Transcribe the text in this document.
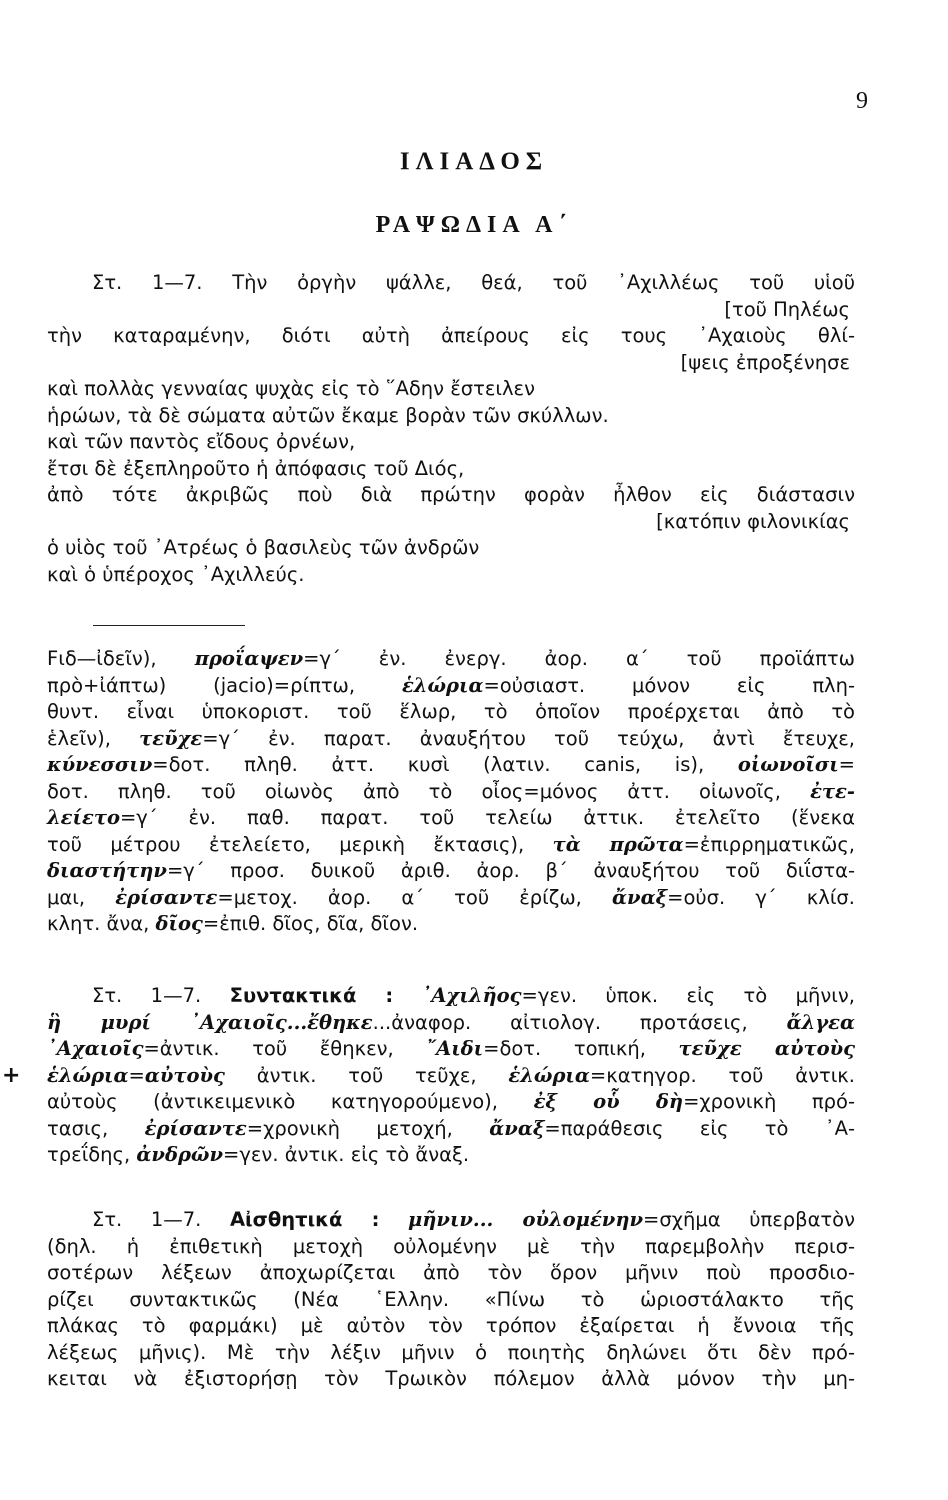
9
ΙΛΙΑΔΟΣ
ΡΑΨΩΔΙΑ Α΄
Στ. 1—7. Τὴν ὀργὴν ψάλλε, θεά, τοῦ ᾿Αχιλλέως τοῦ υἱοῦ
[τοῦ Πηλέως
τὴν καταραμένην, διότι αὐτὴ ἀπείρους εἰς τους ᾿Αχαιοὺς θλί-
[ψεις ἐπροξένησε
καὶ πολλὰς γενναίας ψυχὰς εἰς τὸ ῞Αδην ἔστειλεν
ἡρώων, τὰ δὲ σώματα αὐτῶν ἔκαμε βορὰν τῶν σκύλλων.
καὶ τῶν παντὸς εἴδους ὀρνέων,
ἔτσι δὲ ἐξεπληροῦτο ἡ ἀπόφασις τοῦ Διός,
ἀπὸ τότε ἀκριβῶς ποὺ διὰ πρώτην φορὰν ἦλθον εἰς διάστασιν
[κατόπιν φιλονικίας
ὁ υἱὸς τοῦ ᾿Ατρέως ὁ βασιλεὺς τῶν ἀνδρῶν
καὶ ὁ ὑπέροχος ᾿Αχιλλεύς.
Fιδ—ἰδεῖν), προΐαψεν=γ΄ ἐν. ἐνεργ. ἀορ. α΄ τοῦ προϊάπτω
πρὸ+ἰάπτω) (jacio)=ρίπτω, ἑλώρια=οὐσιαστ. μόνον εἰς πλη-
θυντ. εἶναι ὑποκοριστ. τοῦ ἕλωρ, τὸ ὁποῖον προέρχεται ἀπὸ τὸ
ἑλεῖν), τεῦχε=γ΄ ἐν. παρατ. ἀναυξήτου τοῦ τεύχω, ἀντὶ ἔτευχε,
κύνεσσιν=δοτ. πληθ. ἀττ. κυσὶ (λατιν. canis, is), οἰωνοῖσι=
δοτ. πληθ. τοῦ οἰωνὸς ἀπὸ τὸ οἶος=μόνος ἀττ. οἰωνοῖς, ἐτε-
λείετο=γ΄ ἐν. παθ. παρατ. τοῦ τελείω ἀττικ. ἐτελεῖτο (ἕνεκα
τοῦ μέτρου ἐτελείετο, μερικὴ ἔκτασις), τὰ πρῶτα=ἐπιρρηματικῶς,
διαστήτην=γ΄ προσ. δυικοῦ ἀριθ. ἀορ. β΄ ἀναυξήτου τοῦ διΐστα-
μαι, ἐρίσαντε=μετοχ. ἀορ. α΄ τοῦ ἐρίζω, ἄναξ=οὐσ. γ΄ κλίσ.
κλητ. ἄνα, δῖος=ἐπιθ. δῖος, δῖα, δῖον.
+
Στ. 1—7. Συντακτικά : ᾿Αχιλῆος=γεν. ὑποκ. εἰς τὸ μῆνιν,
ἣ μυρί ᾿Αχαιοῖς...ἔθηκε...ἀναφορ. αἰτιολογ. προτάσεις, ἄλγεα
᾿Αχαιοῖς=ἀντικ. τοῦ ἔθηκεν, ῎Αιδι=δοτ. τοπική, τεῦχε αὐτοὺς
ἑλώρια=αὐτοὺς ἀντικ. τοῦ τεῦχε, ἑλώρια=κατηγορ. τοῦ ἀντικ.
αὐτοὺς (ἀντικειμενικὸ κατηγορούμενο), ἐξ οὗ δὴ=χρονικὴ πρό-
τασις, ἐρίσαντε=χρονικὴ μετοχή, ἄναξ=παράθεσις εἰς τὸ ᾿Α-
τρεΐδης, ἀνδρῶν=γεν. ἀντικ. εἰς τὸ ἄναξ.
Στ. 1—7. Αἰσθητικά : μῆνιν... οὐλομένην=σχῆμα ὑπερβατὸν
(δηλ. ἡ ἐπιθετικὴ μετοχὴ οὐλομένην μὲ τὴν παρεμβολὴν περισ-
σοτέρων λέξεων ἀποχωρίζεται ἀπὸ τὸν ὅρον μῆνιν ποὺ προσδιο-
ρίζει συντακτικῶς (Νέα ῾Ελλην. «Πίνω τὸ ὡριοστάλακτο τῆς
πλάκας τὸ φαρμάκι) μὲ αὐτὸν τὸν τρόπον ἐξαίρεται ἡ ἔννοια τῆς
λέξεως μῆνις). Μὲ τὴν λέξιν μῆνιν ὁ ποιητὴς δηλώνει ὅτι δὲν πρό-
κειται νὰ ἐξιστορήσῃ τὸν Τρωικὸν πόλεμον ἀλλὰ μόνον τὴν μη-
